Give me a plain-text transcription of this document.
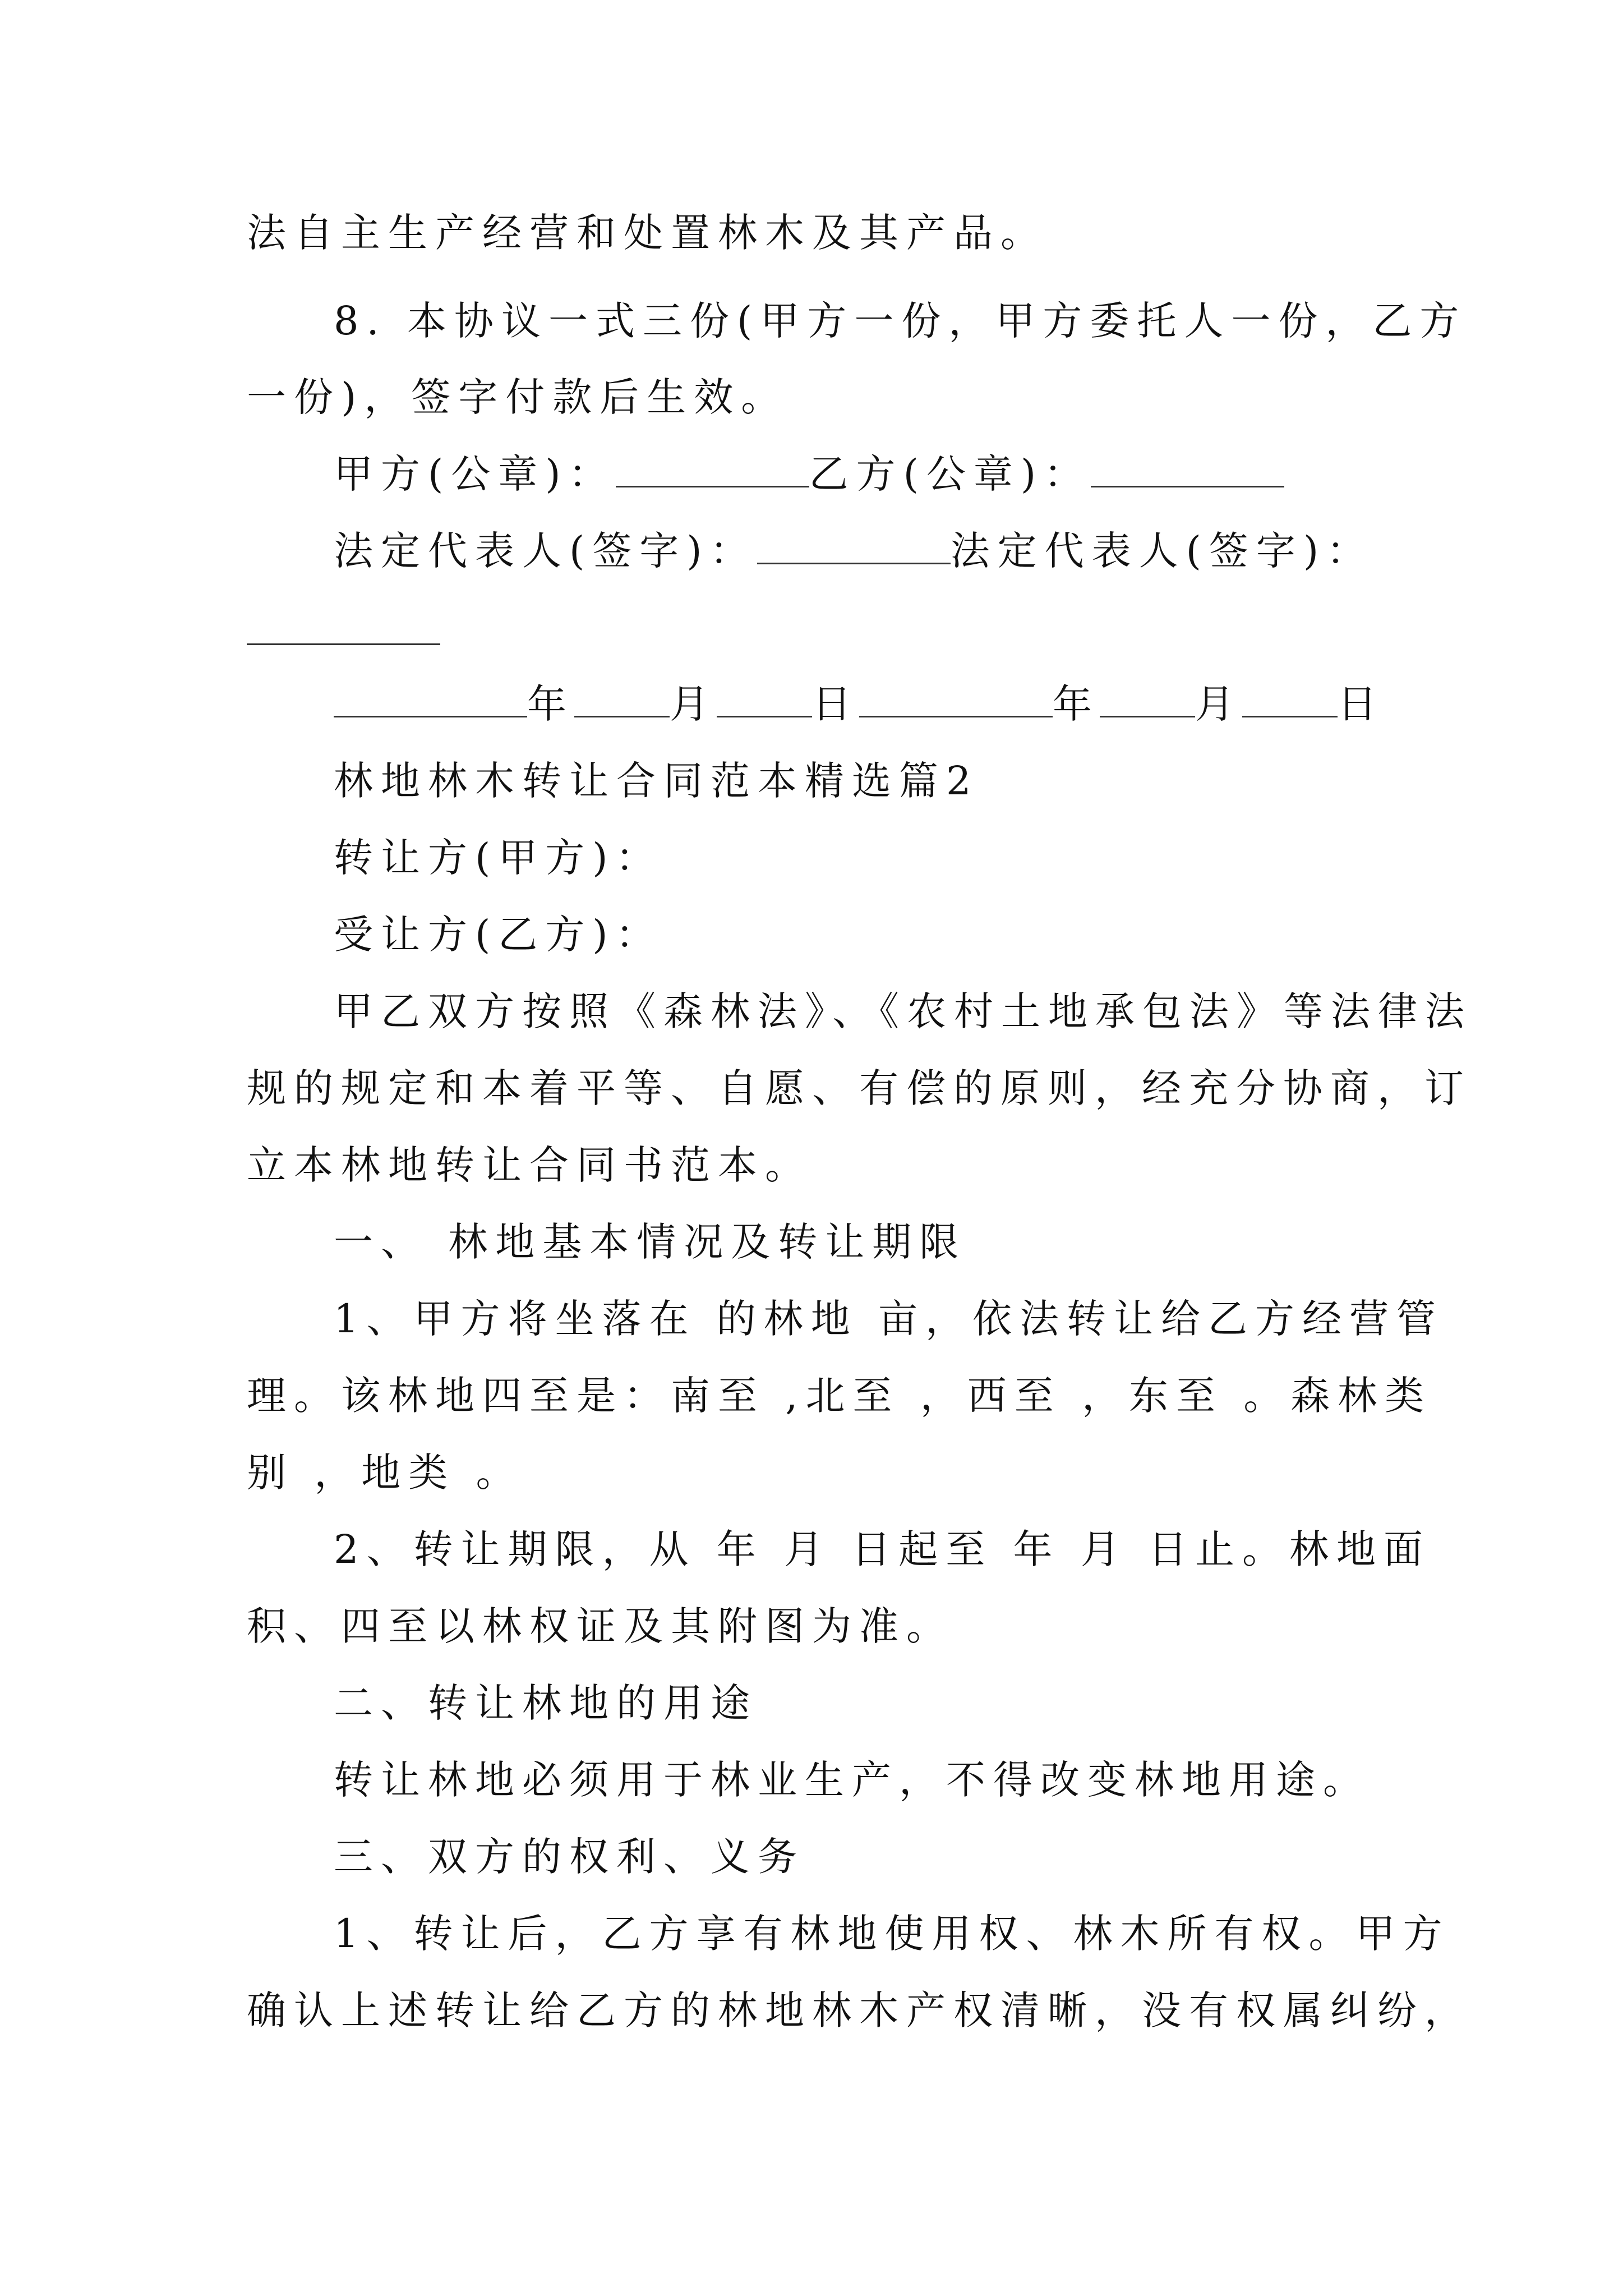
法自主生产经营和处置林木及其产品。
8. 本协议一式三份(甲方一份，甲方委托人一份，乙方
一份)，签字付款后生效。
甲方(公章)：	乙方(公章)：
法定代表人(签字)：	法定代表人(签字)：
年 月 日	年 月 日
林地林木转让合同范本精选篇2
转让方(甲方)：
受让方(乙方)：
甲乙双方按照《森林法》、《农村土地承包法》等法律法
规的规定和本着平等、自愿、有偿的原则，经充分协商，订
立本林地转让合同书范本。
一、 林地基本情况及转让期限
1、甲方将坐落在 的林地 亩，依法转让给乙方经营管
理。该林地四至是：南至 ,北至 ，西至 ，东至 。森林类
别 ，地类 。
2、转让期限，从 年 月 日起至 年 月 日止。林地面
积、四至以林权证及其附图为准。
二、转让林地的用途
转让林地必须用于林业生产，不得改变林地用途。
三、双方的权利、义务
1、转让后，乙方享有林地使用权、林木所有权。甲方
确认上述转让给乙方的林地林木产权清晰，没有权属纠纷，
